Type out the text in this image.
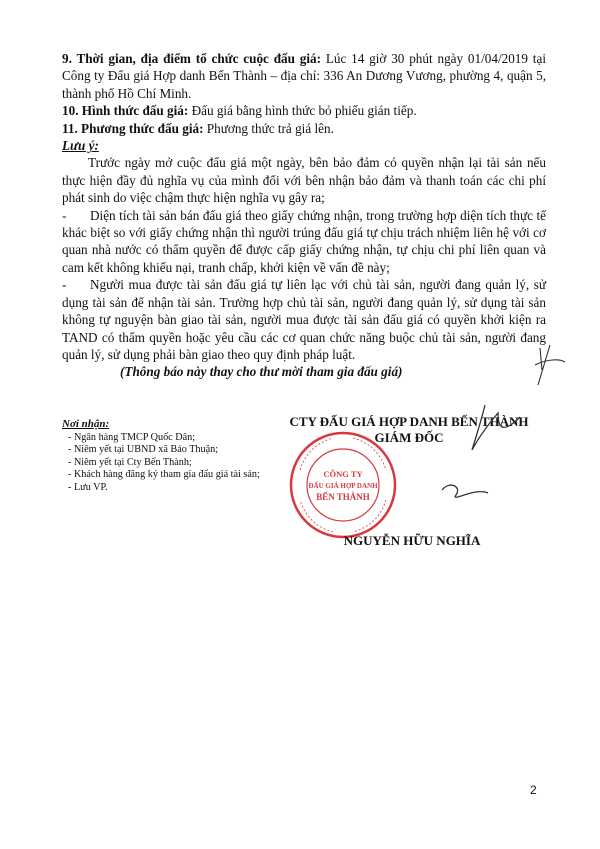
9. Thời gian, địa điểm tổ chức cuộc đấu giá: Lúc 14 giờ 30 phút ngày 01/04/2019 tại Công ty Đấu giá Hợp danh Bến Thành – địa chỉ: 336 An Dương Vương, phường 4, quận 5, thành phố Hồ Chí Minh.

10. Hình thức đấu giá: Đấu giá bằng hình thức bỏ phiếu gián tiếp.

11. Phương thức đấu giá: Phương thức trả giá lên.

Lưu ý:

Trước ngày mở cuộc đấu giá một ngày, bên bảo đảm có quyền nhận lại tài sản nếu thực hiện đầy đủ nghĩa vụ của mình đối với bên nhận bảo đảm và thanh toán các chi phí phát sinh do việc chậm thực hiện nghĩa vụ gây ra;

- Diện tích tài sản bán đấu giá theo giấy chứng nhận, trong trường hợp diện tích thực tế khác biệt so với giấy chứng nhận thì người trúng đấu giá tự chịu trách nhiệm liên hệ với cơ quan nhà nước có thẩm quyền để được cấp giấy chứng nhận, tự chịu chi phí liên quan và cam kết không khiếu nại, tranh chấp, khởi kiện về vấn đề này;

- Người mua được tài sản đấu giá tự liên lạc với chủ tài sản, người đang quản lý, sử dụng tài sản để nhận tài sản. Trường hợp chủ tài sản, người đang quản lý, sử dụng tài sản không tự nguyện bàn giao tài sản, người mua được tài sản đấu giá có quyền khởi kiện ra TAND có thẩm quyền hoặc yêu cầu các cơ quan chức năng buộc chủ tài sản, người đang quản lý, sử dụng phải bàn giao theo quy định pháp luật.

(Thông báo này thay cho thư mời tham gia đấu giá)

Nơi nhận:
- Ngân hàng TMCP Quốc Dân;
- Niêm yết tại UBND xã Bảo Thuận;
- Niêm yết tại Cty Bến Thành;
- Khách hàng đăng ký tham gia đấu giá tài sản;
- Lưu VP.
CTY ĐẤU GIÁ HỢP DANH BẾN THÀNH
GIÁM ĐỐC
CÔNG TY
ĐẤU GIÁ HỢP DANH
BẾN THÀNH
NGUYỄN HỮU NGHĨA
2
